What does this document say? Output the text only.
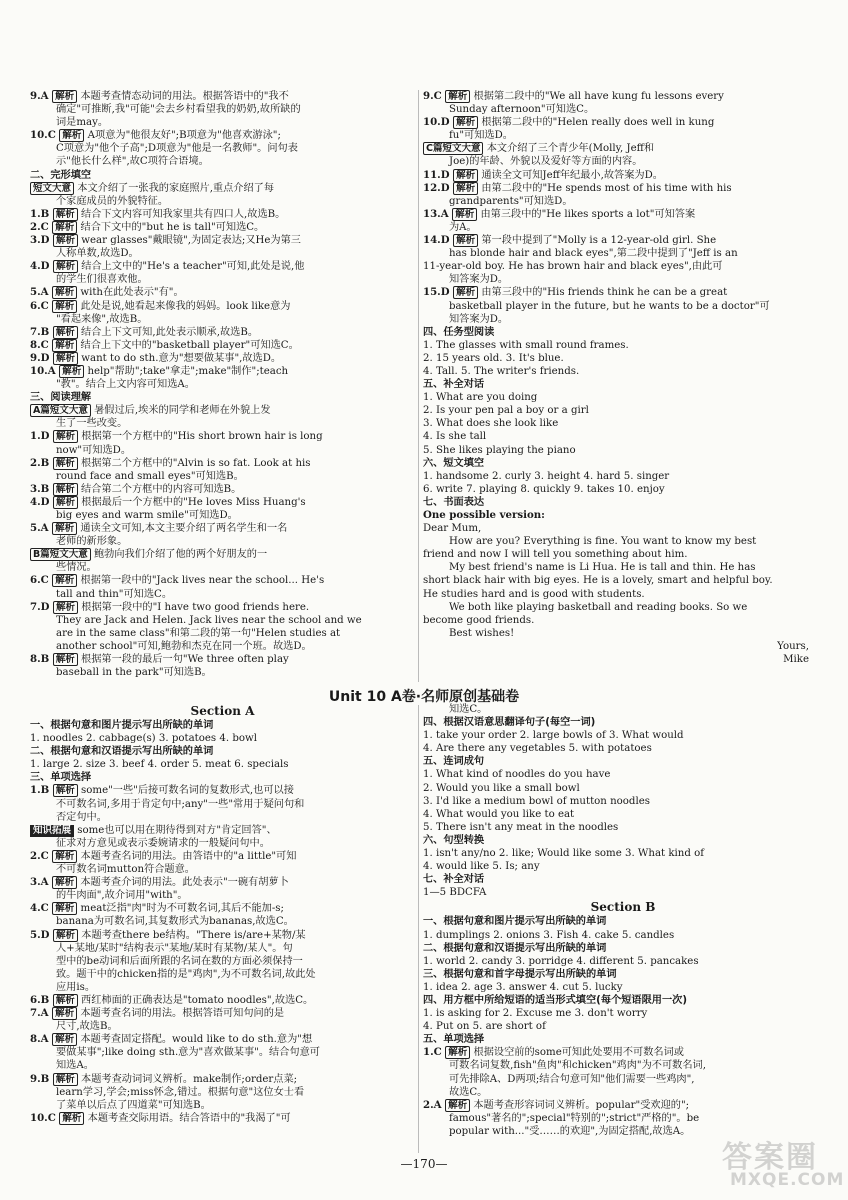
9.A 解析 本题考查情态动词的用法。根据答语中的"我不
确定"可推断,我"可能"会去乡村看望我的奶奶,故所缺的
词是may。
10.C 解析 A项意为"他很友好";B项意为"他喜欢游泳";
C项意为"他个子高";D项意为"他是一名教师"。问句表
示"他长什么样",故C项符合语境。
二、完形填空
短文大意 本文介绍了一张我的家庭照片,重点介绍了每
个家庭成员的外貌特征。
1.B 解析 结合下文内容可知我家里共有四口人,故选B。
2.C 解析 结合下文中的"but he is tall"可知选C。
3.D 解析 wear glasses"戴眼镜",为固定表达;又He为第三
人称单数,故选D。
4.D 解析 结合上文中的"He's a teacher"可知,此处是说,他
的学生们很喜欢他。
5.A 解析 with在此处表示"有"。
6.C 解析 此处是说,她看起来像我的妈妈。look like意为
"看起来像",故选B。
7.B 解析 结合上下文可知,此处表示顺承,故选B。
8.C 解析 结合上下文中的"basketball player"可知选C。
9.D 解析 want to do sth.意为"想要做某事",故选D。
10.A 解析 help"帮助";take"拿走";make"制作";teach
"教"。结合上文内容可知选A。
三、阅读理解
A篇短文大意 暑假过后,埃米的同学和老师在外貌上发
生了一些改变。
1.D 解析 根据第一个方框中的"His short brown hair is long
now"可知选D。
2.B 解析 根据第二个方框中的"Alvin is so fat. Look at his
round face and small eyes"可知选B。
3.B 解析 结合第二个方框中的内容可知选B。
4.D 解析 根据最后一个方框中的"He loves Miss Huang's
big eyes and warm smile"可知选D。
5.A 解析 通读全文可知,本文主要介绍了两名学生和一名
老师的新形象。
B篇短文大意 鲍勃向我们介绍了他的两个好朋友的一
些情况。
6.C 解析 根据第一段中的"Jack lives near the school... He's
tall and thin"可知选C。
7.D 解析 根据第一段中的"I have two good friends here.
They are Jack and Helen. Jack lives near the school and we
are in the same class"和第二段的第一句"Helen studies at
another school"可知,鲍勃和杰克在同一个班。故选D。
8.B 解析 根据第一段的最后一句"We three often play
baseball in the park"可知选B。
9.C 解析 根据第二段中的"We all have kung fu lessons every
Sunday afternoon"可知选C。
10.D 解析 根据第二段中的"Helen really does well in kung
fu"可知选D。
C篇短文大意 本文介绍了三个青少年(Molly, Jeff和
Joe)的年龄、外貌以及爱好等方面的内容。
11.D 解析 通读全文可知Jeff年纪最小,故答案为D。
12.D 解析 由第二段中的"He spends most of his time with his
grandparents"可知选D。
13.A 解析 由第三段中的"He likes sports a lot"可知答案
为A。
14.D 解析 第一段中提到了"Molly is a 12-year-old girl. She
has blonde hair and black eyes",第二段中提到了"Jeff is an
11-year-old boy. He has brown hair and black eyes",由此可
知答案为D。
15.D 解析 由第三段中的"His friends think he can be a great
basketball player in the future, but he wants to be a doctor"可
知答案为D。
四、任务型阅读
1. The glasses with small round frames.
2. 15 years old. 3. It's blue.
4. Tall. 5. The writer's friends.
五、补全对话
1. What are you doing
2. Is your pen pal a boy or a girl
3. What does she look like
4. Is she tall
5. She likes playing the piano
六、短文填空
1. handsome 2. curly 3. height 4. hard 5. singer
6. write 7. playing 8. quickly 9. takes 10. enjoy
七、书面表达
One possible version:
Dear Mum,
How are you? Everything is fine. You want to know my best
friend and now I will tell you something about him.
My best friend's name is Li Hua. He is tall and thin. He has
short black hair with big eyes. He is a lovely, smart and helpful boy.
He studies hard and is good with students.
We both like playing basketball and reading books. So we
become good friends.
Best wishes!
Yours,
Mike
Unit 10 A卷·名师原创基础卷
Section A
一、根据句意和图片提示写出所缺的单词
1. noodles 2. cabbage(s) 3. potatoes 4. bowl
二、根据句意和汉语提示写出所缺的单词
1. large 2. size 3. beef 4. order 5. meat 6. specials
三、单项选择
1.B 解析 some"一些"后接可数名词的复数形式,也可以接
不可数名词,多用于肯定句中;any"一些"常用于疑问句和
否定句中。
知识拓展 some也可以用在期待得到对方"肯定回答"、
征求对方意见或表示委婉请求的一般疑问句中。
2.C 解析 本题考查名词的用法。由答语中的"a little"可知
不可数名词mutton符合题意。
3.A 解析 本题考查介词的用法。此处表示"一碗有胡萝卜
的牛肉面",故介词用"with"。
4.C 解析 meat泛指"肉"时为不可数名词,其后不能加-s;
banana为可数名词,其复数形式为bananas,故选C。
5.D 解析 本题考查there be结构。"There is/are+某物/某
人+某地/某时"结构表示"某地/某时有某物/某人"。句
型中的be动词和后面所跟的名词在数的方面必须保持一
致。题干中的chicken指的是"鸡肉",为不可数名词,故此处
应用is。
6.B 解析 西红柿面的正确表达是"tomato noodles",故选C。
7.A 解析 本题考查名词的用法。根据答语可知句问的是
尺寸,故选B。
8.A 解析 本题考查固定搭配。would like to do sth.意为"想
要做某事";like doing sth.意为"喜欢做某事"。结合句意可
知选A。
9.B 解析 本题考查动词词义辨析。make制作;order点菜;
learn学习,学会;miss怀念,错过。根据句意"这位女士看
了菜单以后点了四道菜"可知选B。
10.C 解析 本题考查交际用语。结合答语中的"我渴了"可
知选C。
四、根据汉语意思翻译句子(每空一词)
1. take your order 2. large bowls of 3. What would
4. Are there any vegetables 5. with potatoes
五、连词成句
1. What kind of noodles do you have
2. Would you like a small bowl
3. I'd like a medium bowl of mutton noodles
4. What would you like to eat
5. There isn't any meat in the noodles
六、句型转换
1. isn't any/no 2. like; Would like some 3. What kind of
4. would like 5. Is; any
七、补全对话
1—5 BDCFA
Section B
一、根据句意和图片提示写出所缺的单词
1. dumplings 2. onions 3. Fish 4. cake 5. candles
二、根据句意和汉语提示写出所缺的单词
1. world 2. candy 3. porridge 4. different 5. pancakes
三、根据句意和首字母提示写出所缺的单词
1. idea 2. age 3. answer 4. cut 5. lucky
四、用方框中所给短语的适当形式填空(每个短语限用一次)
1. is asking for 2. Excuse me 3. don't worry
4. Put on 5. are short of
五、单项选择
1.C 解析 根据设空前的some可知此处要用不可数名词或
可数名词复数,fish"鱼肉"和chicken"鸡肉"为不可数名词,
可先排除A、D两项;结合句意可知"他们需要一些鸡肉",
故选C。
2.A 解析 本题考查形容词词义辨析。popular"受欢迎的";
famous"著名的";special"特别的";strict"严格的"。be
popular with..."受……的欢迎",为固定搭配,故选A。
—170—	答案圈
MXQE.COM
